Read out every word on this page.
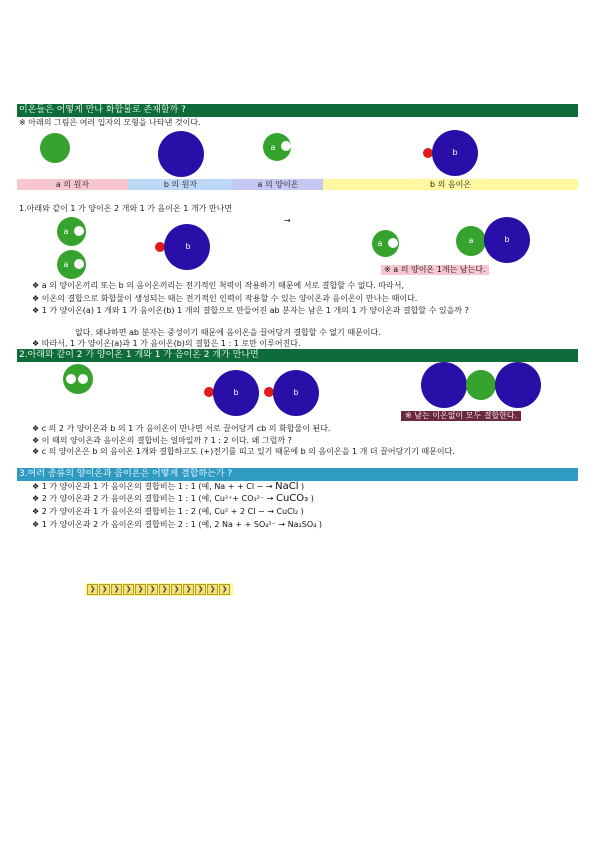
이온들은 어떻게 만나 화합물로 존재할까 ?
※ 아래의 그림은 여러 입자의 모형을 나타낸 것이다.
a
b
a 의 원자	b 의 원자	a 의 양이온	b 의 음이온
1.아래와 같이 1 가 양이온 2 개와 1 가 음이온 1 개가 만나면
→
a
a
b	a	a	b
※ a 의 양이온 1개는 남는다.
❖ a 의 양이온끼리 또는 b 의 음이온끼리는 전기적인 척력이 작용하기 때문에 서로 결합할 수 없다. 따라서,
❖ 이온의 결합으로 화합물이 생성되는 때는 전기적인 인력이 작용할 수 있는 양이온과 음이온이 만나는 때이다.
❖ 1 가 양이온(a) 1 개와 1 가 음이온(b) 1 개의 결합으로 만들어진 ab 분자는 남은 1 개의 1 가 양이온과 결합할 수 있을까 ?
없다. 왜냐하면 ab 분자는 중성이기 때문에 음이온을 끌어당겨 결합할 수 없기 때문이다.
❖ 따라서, 1 가 양이온(a)과 1 가 음이온(b)의 결합은 1 : 1 로만 이루어진다.
2.아래와 같이 2 가 양이온 1 개와 1 가 음이온 2 개가 만나면
b	b
※ 남는 이온없이 모두 결합한다.
❖ c 의 2 가 양이온과 b 의 1 가 음이온이 만나면 서로 끌어당겨 cb 의 화합물이 된다.
❖ 이 때의 양이온과 음이온의 결합비는 얼마일까 ? 1 : 2 이다. 왜 그럴까 ?
❖ c 의 양이온은 b 의 음이온 1개와 결합하고도 (+)전기를 띠고 있기 때문에 b 의 음이온을 1 개 더 끌어당기기 때문이다.
3.여러 종류의 양이온과 음이온은 어떻게 결합하는가 ?
❖ 1 가 양이온과 1 가 음이온의 결합비는 1 : 1 (예, Na + + Cl − → NaCl )
❖ 2 가 양이온과 2 가 음이온의 결합비는 1 : 1 (예, Cu²⁺+ CO₃²⁻ → CuCO₃ )
❖ 2 가 양이온과 1 가 음이온의 결합비는 1 : 2 (예, Cu² + 2 Cl − → CuCl₂ )
❖ 1 가 양이온과 2 가 음이온의 결합비는 2 : 1 (예, 2 Na + + SO₄²⁻ → Na₂SO₄ )
❯ ❯ ❯ ❯ ❯ ❯ ❯ ❯ ❯ ❯ ❯ ❯
